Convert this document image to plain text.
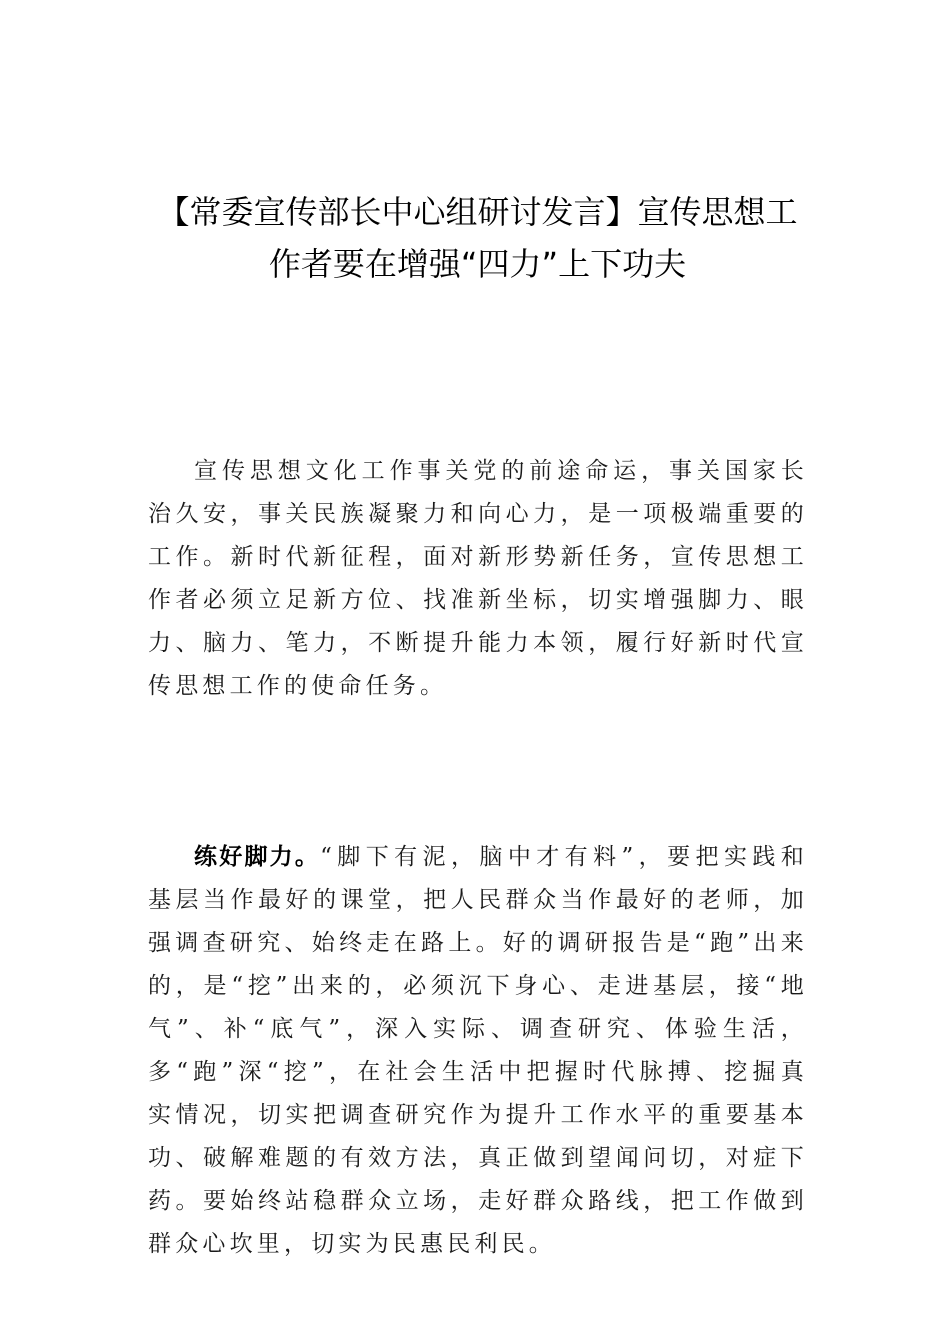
【常委宣传部长中心组研讨发言】宣传思想工作者要在增强“四力”上下功夫

宣传思想文化工作事关党的前途命运，事关国家长治久安，事关民族凝聚力和向心力，是一项极端重要的工作。新时代新征程，面对新形势新任务，宣传思想工作者必须立足新方位、找准新坐标，切实增强脚力、眼力、脑力、笔力，不断提升能力本领，履行好新时代宣传思想工作的使命任务。

练好脚力。“脚下有泥，脑中才有料”，要把实践和基层当作最好的课堂，把人民群众当作最好的老师，加强调查研究、始终走在路上。好的调研报告是“跑”出来的，是“挖”出来的，必须沉下身心、走进基层，接“地气”、补“底气”，深入实际、调查研究、体验生活，多“跑”深“挖”，在社会生活中把握时代脉搏、挖掘真实情况，切实把调查研究作为提升工作水平的重要基本功、破解难题的有效方法，真正做到望闻问切，对症下药。要始终站稳群众立场，走好群众路线，把工作做到群众心坎里，切实为民惠民利民。
